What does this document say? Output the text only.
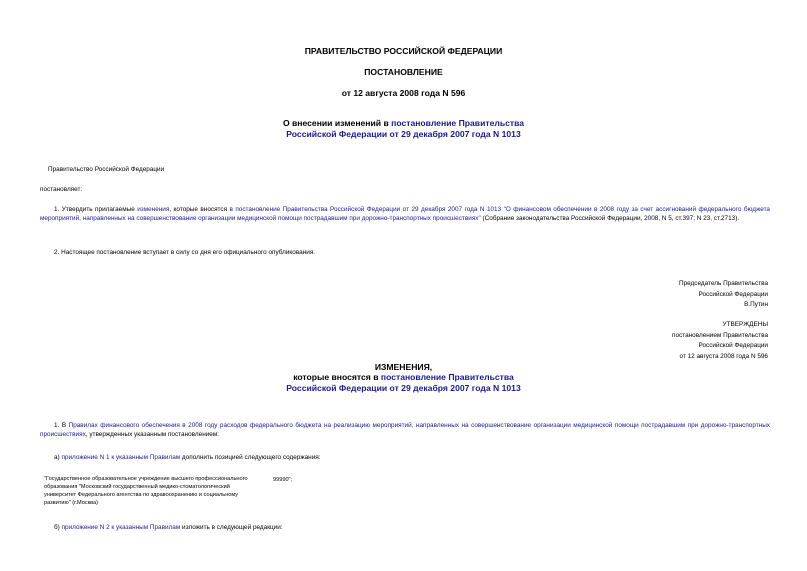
ПРАВИТЕЛЬСТВО РОССИЙСКОЙ ФЕДЕРАЦИИ
ПОСТАНОВЛЕНИЕ
от 12 августа 2008 года N 596
О внесении изменений в постановление Правительства
Российской Федерации от 29 декабря 2007 года N 1013
Правительство Российской Федерации
постановляет:
1. Утвердить прилагаемые изменения, которые вносятся в постановление Правительства Российской Федерации от 29 декабря 2007 года N 1013 "О финансовом обеспечении в 2008 году за счет ассигнований федерального бюджета мероприятий, направленных на совершенствование организации медицинской помощи пострадавшим при дорожно-транспортных происшествиях" (Собрание законодательства Российской Федерации, 2008, N 5, ст.397; N 23, ст.2713).
2. Настоящее постановление вступает в силу со дня его официального опубликования.
Председатель Правительства
Российской Федерации
В.Путин
УТВЕРЖДЕНЫ
постановлением Правительства
Российской Федерации
от 12 августа 2008 года N 596
ИЗМЕНЕНИЯ,
которые вносятся в постановление Правительства
Российской Федерации от 29 декабря 2007 года N 1013
1. В Правилах финансового обеспечения в 2008 году расходов федерального бюджета на реализацию мероприятий, направленных на совершенствование организации медицинской помощи пострадавшим при дорожно-транспортных происшествиях, утвержденных указанным постановлением:
а) приложение N 1 к указанным Правилам дополнить позицией следующего содержания:
"Государственное образовательное учреждение высшего профессионального образования "Московский государственный медико-стоматологический университет Федерального агентства по здравоохранению и социальному развитию" (г.Москва)
99990";
б) приложение N 2 к указанным Правилам изложить в следующей редакции:
